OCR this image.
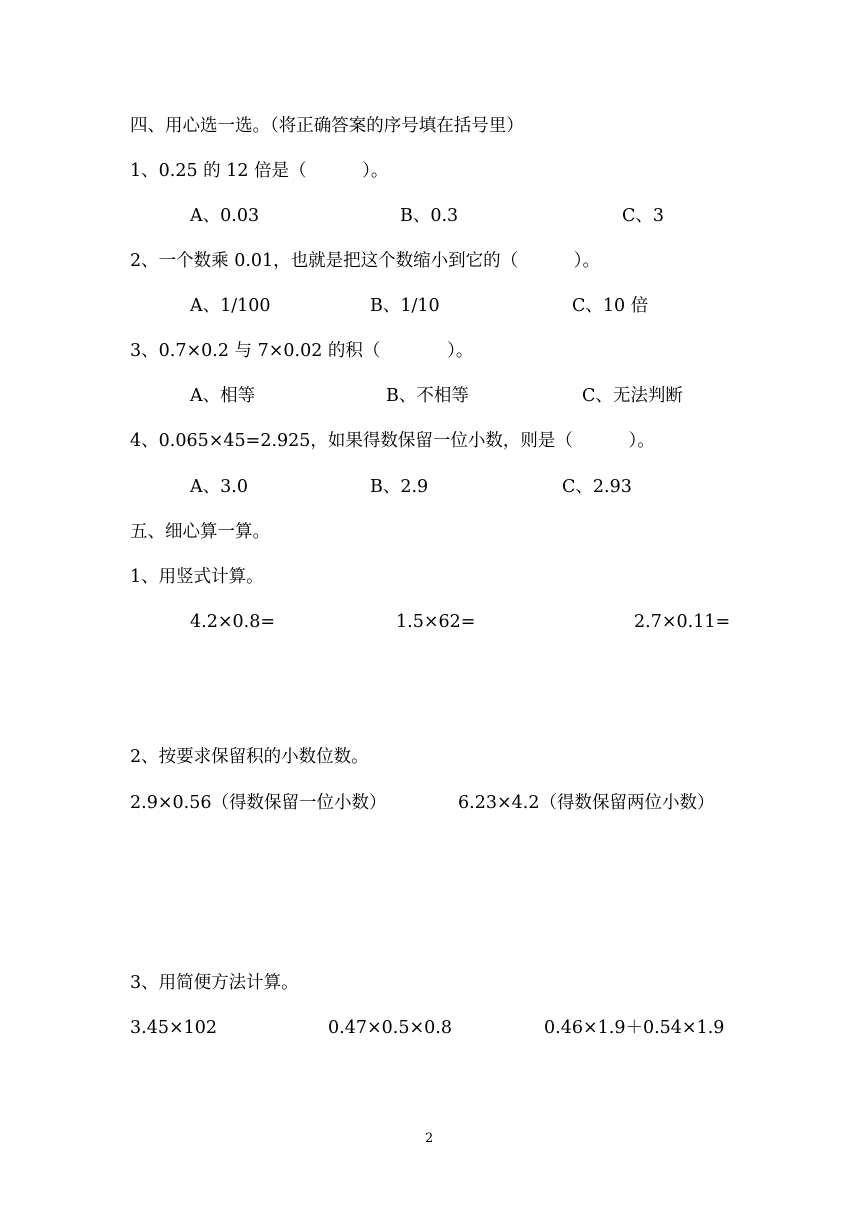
四、用心选一选。（将正确答案的序号填在括号里）
1、0.25 的 12 倍是（          ）。
A、0.03	B、0.3	C、3
2、一个数乘 0.01，也就是把这个数缩小到它的（          ）。
A、1/100	B、1/10	C、10 倍
3、0.7×0.2 与 7×0.02 的积（            ）。
A、相等	B、不相等	C、无法判断
4、0.065×45=2.925，如果得数保留一位小数，则是（          ）。
A、3.0	B、2.9	C、2.93
五、细心算一算。
1、用竖式计算。
4.2×0.8=	1.5×62=	2.7×0.11=
2、按要求保留积的小数位数。
2.9×0.56（得数保留一位小数）	6.23×4.2（得数保留两位小数）
3、用简便方法计算。
3.45×102	0.47×0.5×0.8	0.46×1.9＋0.54×1.9
2
